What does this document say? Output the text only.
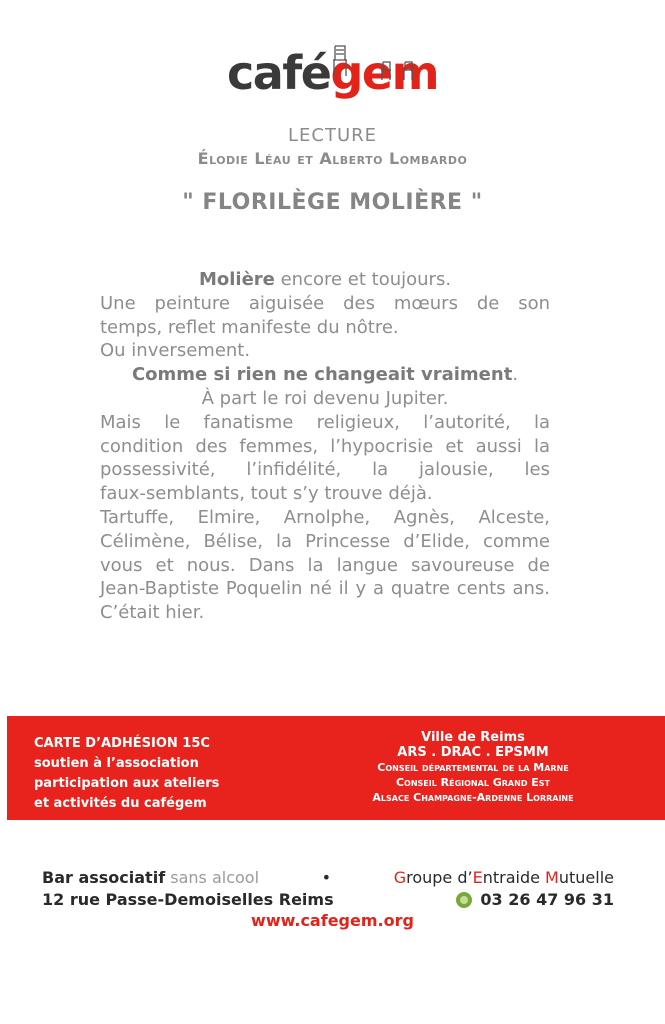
cafégem
LECTURE
Élodie Léau et Alberto Lombardo
" FLORILÈGE MOLIÈRE "
Molière encore et toujours.
Une peinture aiguisée des mœurs de son
temps, reflet manifeste du nôtre.
Ou inversement.
Comme si rien ne changeait vraiment.
À part le roi devenu Jupiter.
Mais le fanatisme religieux, l’autorité, la
condition des femmes, l’hypocrisie et aussi la
possessivité, l’infidélité, la jalousie, les
faux-semblants, tout s’y trouve déjà.
Tartuffe, Elmire, Arnolphe, Agnès, Alceste,
Célimène, Bélise, la Princesse d’Elide, comme
vous et nous. Dans la langue savoureuse de
Jean-Baptiste Poquelin né il y a quatre cents ans.
C’était hier.
CARTE D’ADHÉSION 15C
soutien à l’association
participation aux ateliers
et activités du cafégem
Ville de Reims
ARS . DRAC . EPSMM
Conseil départemental de la Marne
Conseil Régional Grand Est
Alsace Champagne-Ardenne Lorraine
Bar associatif sans alcool	•	Groupe d’Entraide Mutuelle
12 rue Passe-Demoiselles Reims	03 26 47 96 31
www.cafegem.org
